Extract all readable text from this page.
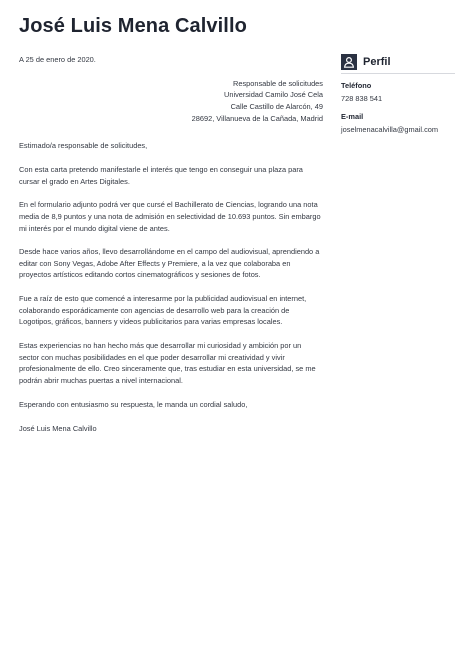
José Luis Mena Calvillo

A 25 de enero de 2020.

Responsable de solicitudes
Universidad Camilo José Cela
Calle Castillo de Alarcón, 49
28692, Villanueva de la Cañada, Madrid

Estimado/a responsable de solicitudes,

Con esta carta pretendo manifestarle el interés que tengo en conseguir una plaza para cursar el grado en Artes Digitales.

En el formulario adjunto podrá ver que cursé el Bachillerato de Ciencias, logrando una nota media de 8,9 puntos y una nota de admisión en selectividad de 10.693 puntos. Sin embargo mi interés por el mundo digital viene de antes.

Desde hace varios años, llevo desarrollándome en el campo del audiovisual, aprendiendo a editar con Sony Vegas, Adobe After Effects y Premiere, a la vez que colaboraba en proyectos artísticos editando cortos cinematográficos y sesiones de fotos.

Fue a raíz de esto que comencé a interesarme por la publicidad audiovisual en internet, colaborando esporádicamente con agencias de desarrollo web para la creación de Logotipos, gráficos, banners y videos publicitarios para varias empresas locales.

Estas experiencias no han hecho más que desarrollar mi curiosidad y ambición por un sector con muchas posibilidades en el que poder desarrollar mi creatividad y vivir profesionalmente de ello. Creo sinceramente que, tras estudiar en esta universidad, se me podrán abrir muchas puertas a nivel internacional.

Esperando con entusiasmo su respuesta, le manda un cordial saludo,

José Luis Mena Calvillo

Perfil
Teléfono
728 838 541
E-mail
joselmenacalvilla@gmail.com
